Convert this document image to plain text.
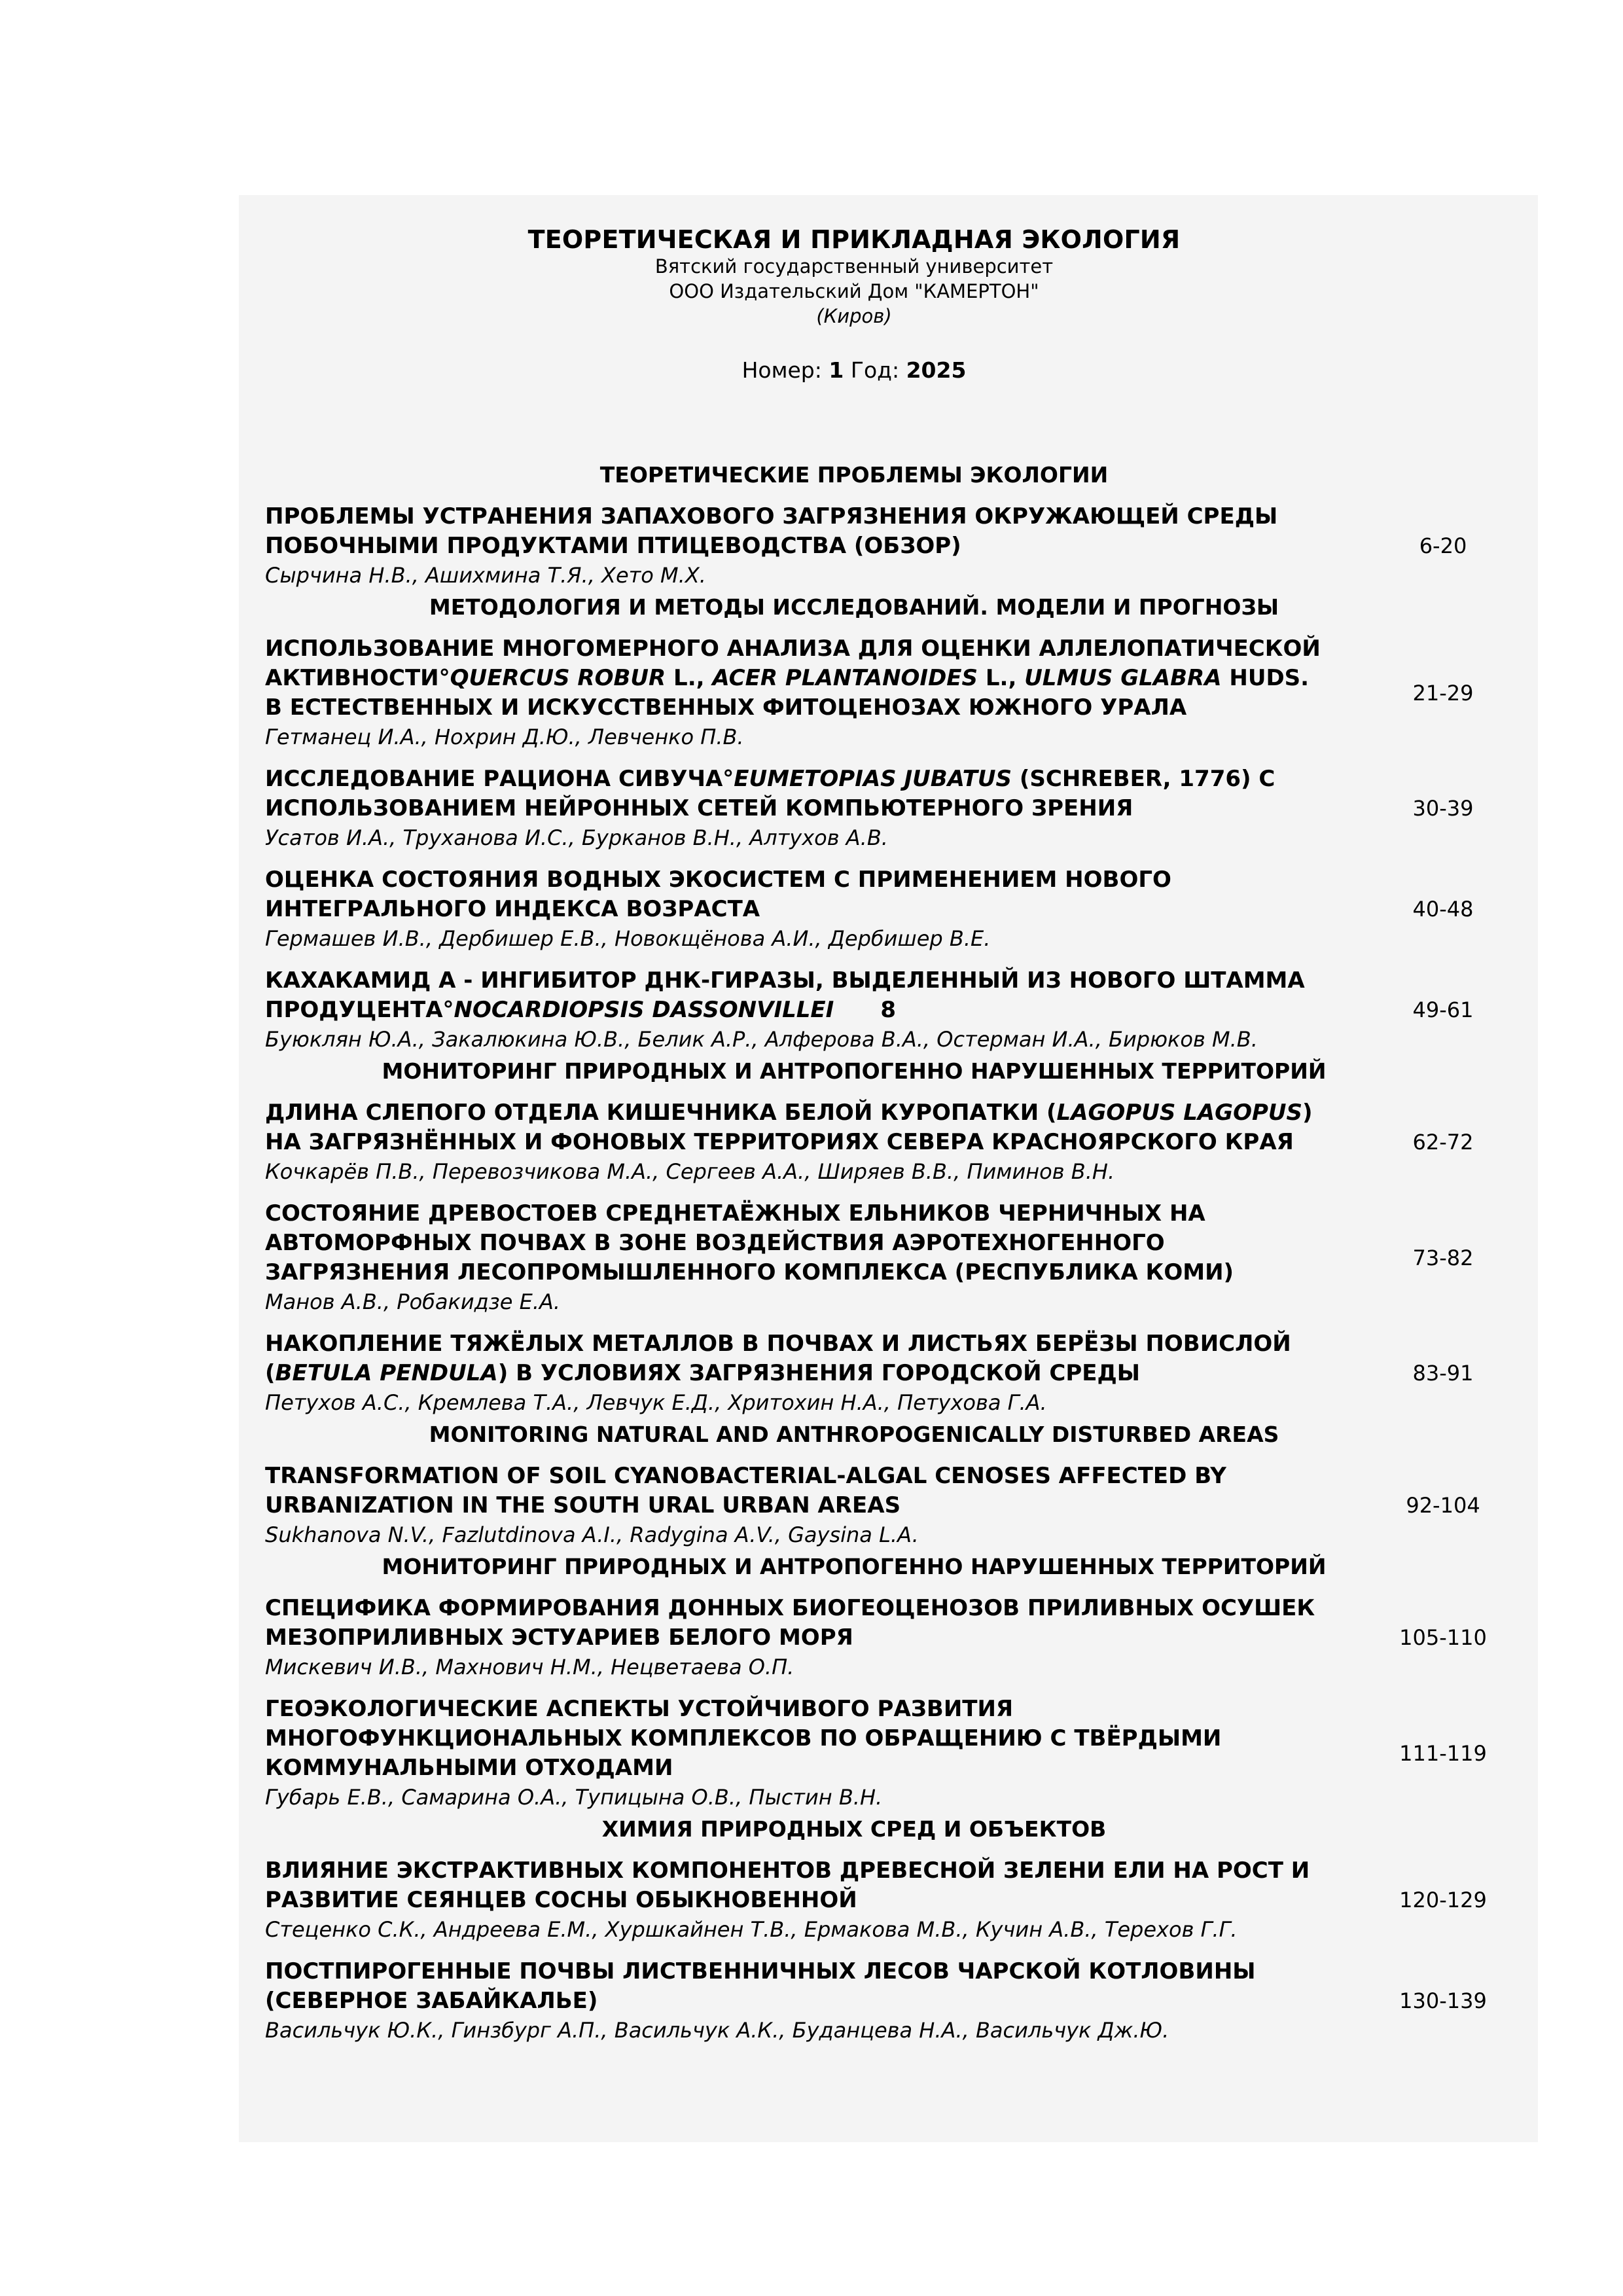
ТЕОРЕТИЧЕСКАЯ И ПРИКЛАДНАЯ ЭКОЛОГИЯ
Вятский государственный университет
ООО Издательский Дом "КАМЕРТОН"
(Киров)
Номер: 1 Год: 2025
ТЕОРЕТИЧЕСКИЕ ПРОБЛЕМЫ ЭКОЛОГИИ
ПРОБЛЕМЫ УСТРАНЕНИЯ ЗАПАХОВОГО ЗАГРЯЗНЕНИЯ ОКРУЖАЮЩЕЙ СРЕДЫ
ПОБОЧНЫМИ ПРОДУКТАМИ ПТИЦЕВОДСТВА (ОБЗОР)
Сырчина Н.В., Ашихмина Т.Я., Хето М.Х.
6-20
МЕТОДОЛОГИЯ И МЕТОДЫ ИССЛЕДОВАНИЙ. МОДЕЛИ И ПРОГНОЗЫ
ИСПОЛЬЗОВАНИЕ МНОГОМЕРНОГО АНАЛИЗА ДЛЯ ОЦЕНКИ АЛЛЕЛОПАТИЧЕСКОЙ
АКТИВНОСТИ°QUERCUS ROBUR L., ACER PLANTANOIDES L., ULMUS GLABRA HUDS.
В ЕСТЕСТВЕННЫХ И ИСКУССТВЕННЫХ ФИТОЦЕНОЗАХ ЮЖНОГО УРАЛА
Гетманец И.А., Нохрин Д.Ю., Левченко П.В.
21-29
ИССЛЕДОВАНИЕ РАЦИОНА СИВУЧА°EUMETOPIAS JUBATUS (SCHREBER, 1776) С
ИСПОЛЬЗОВАНИЕМ НЕЙРОННЫХ СЕТЕЙ КОМПЬЮТЕРНОГО ЗРЕНИЯ
Усатов И.А., Труханова И.С., Бурканов В.Н., Алтухов А.В.
30-39
ОЦЕНКА СОСТОЯНИЯ ВОДНЫХ ЭКОСИСТЕМ С ПРИМЕНЕНИЕМ НОВОГО
ИНТЕГРАЛЬНОГО ИНДЕКСА ВОЗРАСТА
Гермашев И.В., Дербишер Е.В., Новокщёнова А.И., Дербишер В.Е.
40-48
КАХАКАМИД А - ИНГИБИТОР ДНК-ГИРАЗЫ, ВЫДЕЛЕННЫЙ ИЗ НОВОГО ШТАММА
ПРОДУЦЕНТА°NOCARDIOPSIS DASSONVILLEI      8
Буюклян Ю.А., Закалюкина Ю.В., Белик А.Р., Алферова В.А., Остерман И.А., Бирюков М.В.
49-61
МОНИТОРИНГ ПРИРОДНЫХ И АНТРОПОГЕННО НАРУШЕННЫХ ТЕРРИТОРИЙ
ДЛИНА СЛЕПОГО ОТДЕЛА КИШЕЧНИКА БЕЛОЙ КУРОПАТКИ (LAGOPUS LAGOPUS)
НА ЗАГРЯЗНЁННЫХ И ФОНОВЫХ ТЕРРИТОРИЯХ СЕВЕРА КРАСНОЯРСКОГО КРАЯ
Кочкарёв П.В., Перевозчикова М.А., Сергеев А.А., Ширяев В.В., Пиминов В.Н.
62-72
СОСТОЯНИЕ ДРЕВОСТОЕВ СРЕДНЕТАЁЖНЫХ ЕЛЬНИКОВ ЧЕРНИЧНЫХ НА
АВТОМОРФНЫХ ПОЧВАХ В ЗОНЕ ВОЗДЕЙСТВИЯ АЭРОТЕХНОГЕННОГО
ЗАГРЯЗНЕНИЯ ЛЕСОПРОМЫШЛЕННОГО КОМПЛЕКСА (РЕСПУБЛИКА КОМИ)
Манов А.В., Робакидзе Е.А.
73-82
НАКОПЛЕНИЕ ТЯЖЁЛЫХ МЕТАЛЛОВ В ПОЧВАХ И ЛИСТЬЯХ БЕРЁЗЫ ПОВИСЛОЙ
(BETULA PENDULA) В УСЛОВИЯХ ЗАГРЯЗНЕНИЯ ГОРОДСКОЙ СРЕДЫ
Петухов А.С., Кремлева Т.А., Левчук Е.Д., Хритохин Н.А., Петухова Г.А.
83-91
MONITORING NATURAL AND ANTHROPOGENICALLY DISTURBED AREAS
TRANSFORMATION OF SOIL CYANOBACTERIAL-ALGAL CENOSES AFFECTED BY
URBANIZATION IN THE SOUTH URAL URBAN AREAS
Sukhanova N.V., Fazlutdinova A.I., Radygina A.V., Gaysina L.A.
92-104
МОНИТОРИНГ ПРИРОДНЫХ И АНТРОПОГЕННО НАРУШЕННЫХ ТЕРРИТОРИЙ
СПЕЦИФИКА ФОРМИРОВАНИЯ ДОННЫХ БИОГЕОЦЕНОЗОВ ПРИЛИВНЫХ ОСУШЕК
МЕЗОПРИЛИВНЫХ ЭСТУАРИЕВ БЕЛОГО МОРЯ
Мискевич И.В., Махнович Н.М., Нецветаева О.П.
105-110
ГЕОЭКОЛОГИЧЕСКИЕ АСПЕКТЫ УСТОЙЧИВОГО РАЗВИТИЯ
МНОГОФУНКЦИОНАЛЬНЫХ КОМПЛЕКСОВ ПО ОБРАЩЕНИЮ С ТВЁРДЫМИ
КОММУНАЛЬНЫМИ ОТХОДАМИ
Губарь Е.В., Самарина О.А., Тупицына О.В., Пыстин В.Н.
111-119
ХИМИЯ ПРИРОДНЫХ СРЕД И ОБЪЕКТОВ
ВЛИЯНИЕ ЭКСТРАКТИВНЫХ КОМПОНЕНТОВ ДРЕВЕСНОЙ ЗЕЛЕНИ ЕЛИ НА РОСТ И
РАЗВИТИЕ СЕЯНЦЕВ СОСНЫ ОБЫКНОВЕННОЙ
Стеценко С.К., Андреева Е.М., Хуршкайнен Т.В., Ермакова М.В., Кучин А.В., Терехов Г.Г.
120-129
ПОСТПИРОГЕННЫЕ ПОЧВЫ ЛИСТВЕННИЧНЫХ ЛЕСОВ ЧАРСКОЙ КОТЛОВИНЫ
(СЕВЕРНОЕ ЗАБАЙКАЛЬЕ)
Васильчук Ю.К., Гинзбург А.П., Васильчук А.К., Буданцева Н.А., Васильчук Дж.Ю.
130-139
